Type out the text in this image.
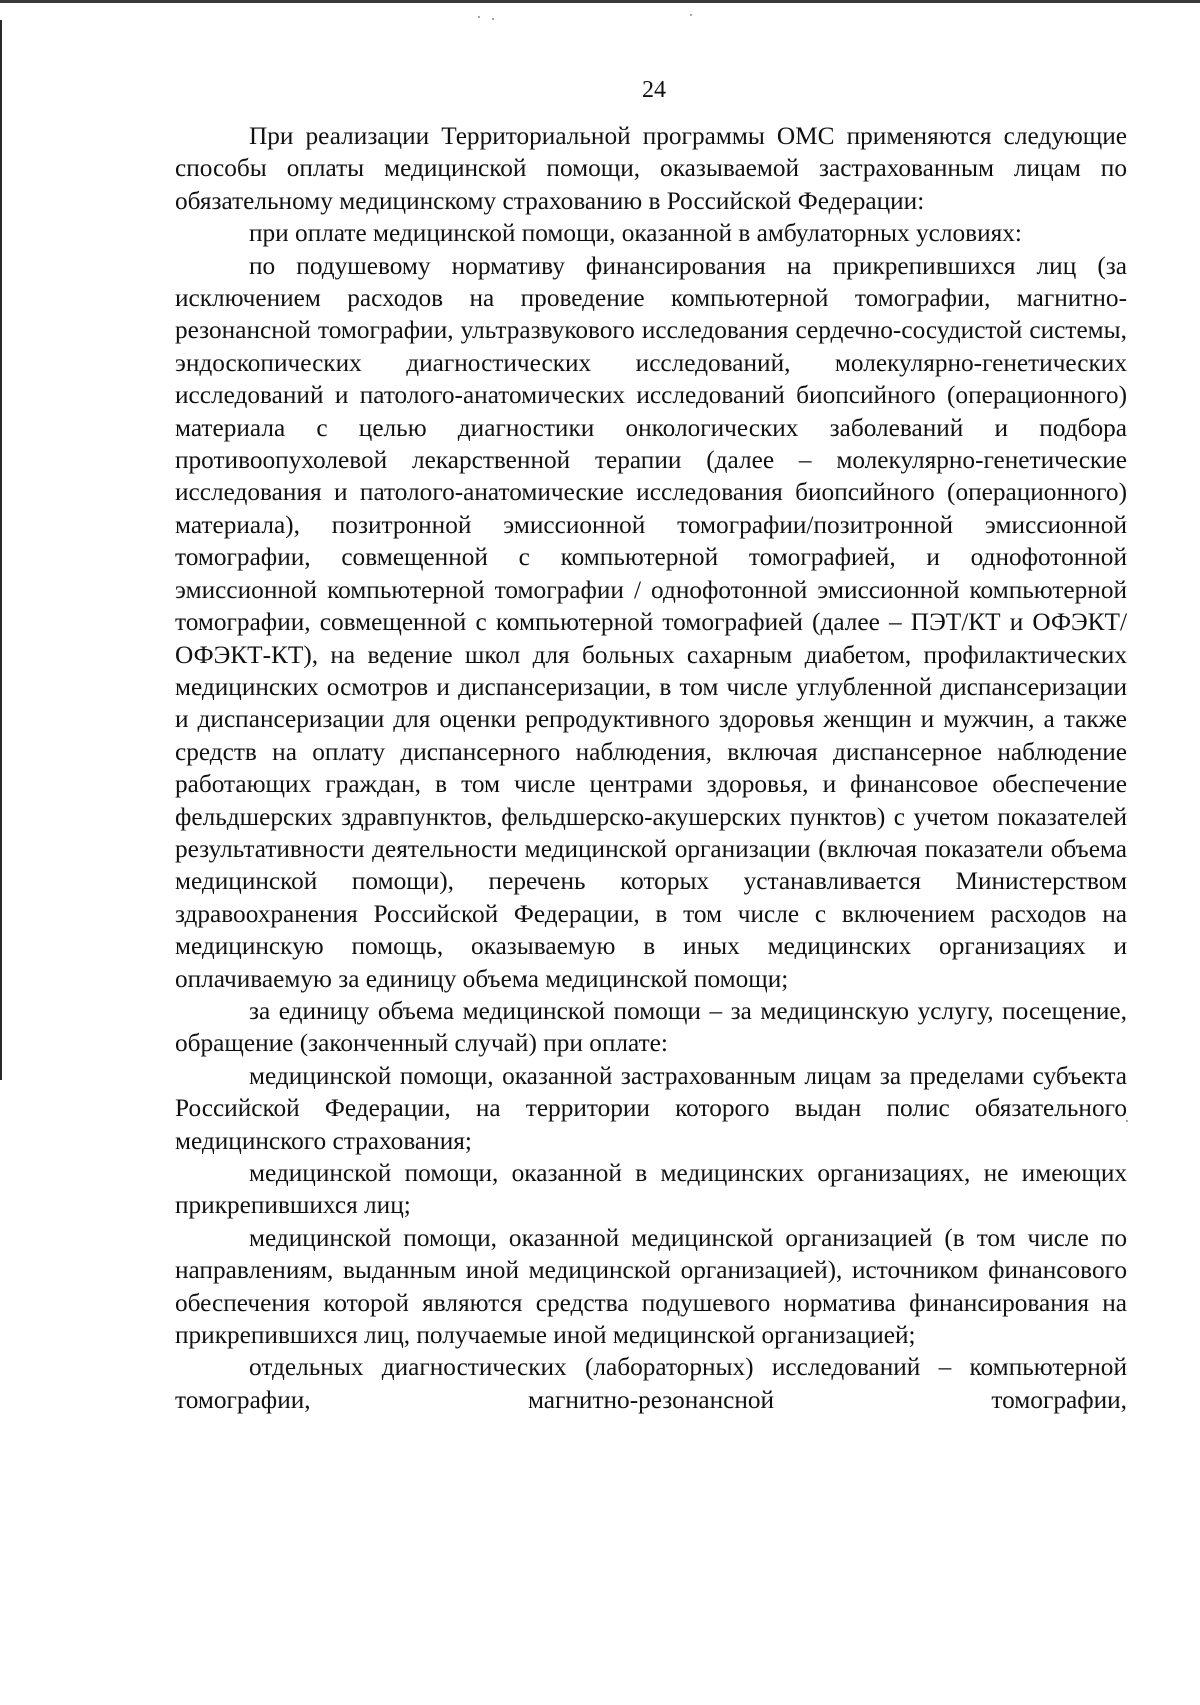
24

При реализации Территориальной программы ОМС применяются следующие способы оплаты медицинской помощи, оказываемой застрахованным лицам по обязательному медицинскому страхованию в Российской Федерации:

при оплате медицинской помощи, оказанной в амбулаторных условиях:

по подушевому нормативу финансирования на прикрепившихся лиц (за исключением расходов на проведение компьютерной томографии, магнитно-резонансной томографии, ультразвукового исследования сердечно-сосудистой системы, эндоскопических диагностических исследований, молекулярно-генетических исследований и патолого-анатомических исследований биопсийного (операционного) материала с целью диагностики онкологических заболеваний и подбора противоопухолевой лекарственной терапии (далее – молекулярно-генетические исследования и патолого-анатомические исследования биопсийного (операционного) материала), позитронной эмиссионной томографии/позитронной эмиссионной томографии, совмещенной с компьютерной томографией, и однофотонной эмиссионной компьютерной томографии / однофотонной эмиссионной компьютерной томографии, совмещенной с компьютерной томографией (далее – ПЭТ/КТ и ОФЭКТ/ОФЭКТ-КТ), на ведение школ для больных сахарным диабетом, профилактических медицинских осмотров и диспансеризации, в том числе углубленной диспансеризации и диспансеризации для оценки репродуктивного здоровья женщин и мужчин, а также средств на оплату диспансерного наблюдения, включая диспансерное наблюдение работающих граждан, в том числе центрами здоровья, и финансовое обеспечение фельдшерских здравпунктов, фельдшерско-акушерских пунктов) с учетом показателей результативности деятельности медицинской организации (включая показатели объема медицинской помощи), перечень которых устанавливается Министерством здравоохранения Российской Федерации, в том числе с включением расходов на медицинскую помощь, оказываемую в иных медицинских организациях и оплачиваемую за единицу объема медицинской помощи;

за единицу объема медицинской помощи – за медицинскую услугу, посещение, обращение (законченный случай) при оплате:

медицинской помощи, оказанной застрахованным лицам за пределами субъекта Российской Федерации, на территории которого выдан полис обязательного медицинского страхования;

медицинской помощи, оказанной в медицинских организациях, не имеющих прикрепившихся лиц;

медицинской помощи, оказанной медицинской организацией (в том числе по направлениям, выданным иной медицинской организацией), источником финансового обеспечения которой являются средства подушевого норматива финансирования на прикрепившихся лиц, получаемые иной медицинской организацией;

отдельных диагностических (лабораторных) исследований – компьютерной томографии, магнитно-резонансной томографии,
